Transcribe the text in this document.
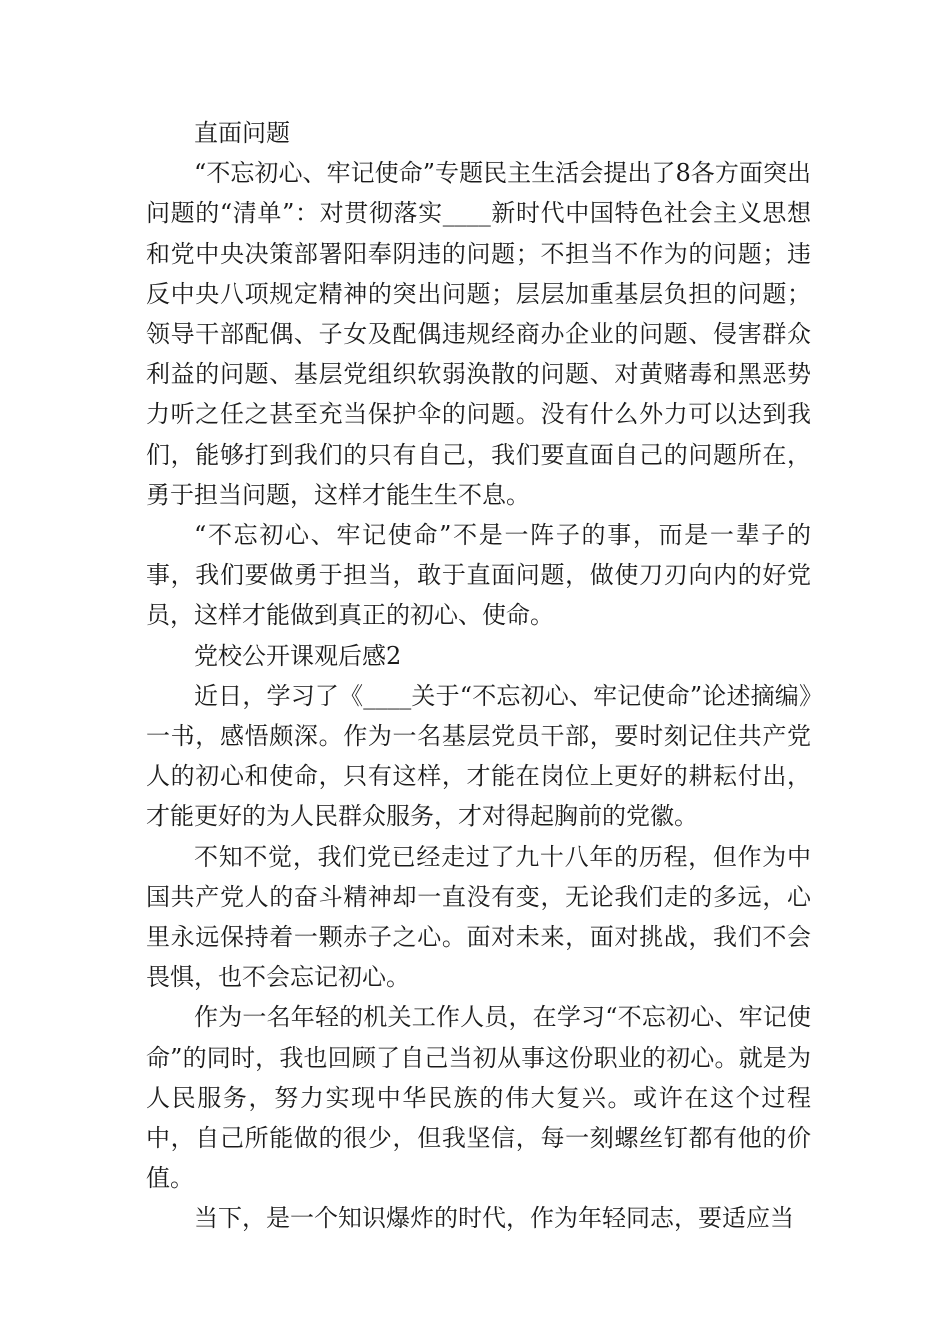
直面问题

“不忘初心、牢记使命”专题民主生活会提出了8各方面突出问题的“清单”：对贯彻落实____新时代中国特色社会主义思想和党中央决策部署阳奉阴违的问题；不担当不作为的问题；违反中央八项规定精神的突出问题；层层加重基层负担的问题；领导干部配偶、子女及配偶违规经商办企业的问题、侵害群众利益的问题、基层党组织软弱涣散的问题、对黄赌毒和黑恶势力听之任之甚至充当保护伞的问题。没有什么外力可以达到我们，能够打到我们的只有自己，我们要直面自己的问题所在，勇于担当问题，这样才能生生不息。

“不忘初心、牢记使命”不是一阵子的事，而是一辈子的事，我们要做勇于担当，敢于直面问题，做使刀刃向内的好党员，这样才能做到真正的初心、使命。

党校公开课观后感2

近日，学习了《____关于“不忘初心、牢记使命”论述摘编》一书，感悟颇深。作为一名基层党员干部，要时刻记住共产党人的初心和使命，只有这样，才能在岗位上更好的耕耘付出，才能更好的为人民群众服务，才对得起胸前的党徽。

不知不觉，我们党已经走过了九十八年的历程，但作为中国共产党人的奋斗精神却一直没有变，无论我们走的多远，心里永远保持着一颗赤子之心。面对未来，面对挑战，我们不会畏惧，也不会忘记初心。

作为一名年轻的机关工作人员，在学习“不忘初心、牢记使命”的同时，我也回顾了自己当初从事这份职业的初心。就是为人民服务，努力实现中华民族的伟大复兴。或许在这个过程中，自己所能做的很少，但我坚信，每一刻螺丝钉都有他的价值。

当下，是一个知识爆炸的时代，作为年轻同志，要适应当
